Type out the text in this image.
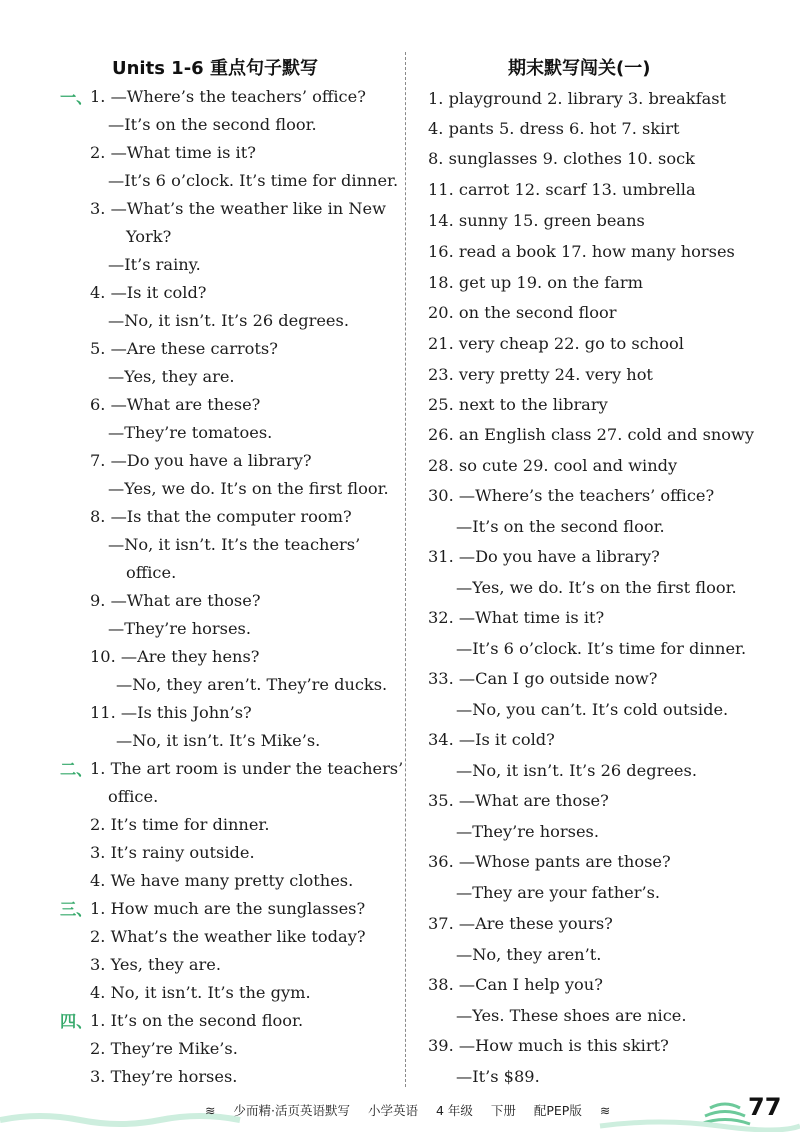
Units 1-6 重点句子默写
一、
1. —Where’s the teachers’ office?
—It’s on the second floor.
2. —What time is it?
—It’s 6 o’clock. It’s time for dinner.
3. —What’s the weather like in New
York?
—It’s rainy.
4. —Is it cold?
—No, it isn’t. It’s 26 degrees.
5. —Are these carrots?
—Yes, they are.
6. —What are these?
—They’re tomatoes.
7. —Do you have a library?
—Yes, we do. It’s on the first floor.
8. —Is that the computer room?
—No, it isn’t. It’s the teachers’
office.
9. —What are those?
—They’re horses.
10. —Are they hens?
—No, they aren’t. They’re ducks.
11. —Is this John’s?
—No, it isn’t. It’s Mike’s.
二、
1. The art room is under the teachers’
office.
2. It’s time for dinner.
3. It’s rainy outside.
4. We have many pretty clothes.
三、
1. How much are the sunglasses?
2. What’s the weather like today?
3. Yes, they are.
4. No, it isn’t. It’s the gym.
四、
1. It’s on the second floor.
2. They’re Mike’s.
3. They’re horses.
期末默写闯关(一)
1. playground 2. library 3. breakfast
4. pants 5. dress 6. hot 7. skirt
8. sunglasses 9. clothes 10. sock
11. carrot 12. scarf 13. umbrella
14. sunny 15. green beans
16. read a book 17. how many horses
18. get up 19. on the farm
20. on the second floor
21. very cheap 22. go to school
23. very pretty 24. very hot
25. next to the library
26. an English class 27. cold and snowy
28. so cute 29. cool and windy
30. —Where’s the teachers’ office?
—It’s on the second floor.
31. —Do you have a library?
—Yes, we do. It’s on the first floor.
32. —What time is it?
—It’s 6 o’clock. It’s time for dinner.
33. —Can I go outside now?
—No, you can’t. It’s cold outside.
34. —Is it cold?
—No, it isn’t. It’s 26 degrees.
35. —What are those?
—They’re horses.
36. —Whose pants are those?
—They are your father’s.
37. —Are these yours?
—No, they aren’t.
38. —Can I help you?
—Yes. These shoes are nice.
39. —How much is this skirt?
—It’s $89.
≋ 少而精·活页英语默写 小学英语 4 年级 下册 配PEP版 ≋	77
